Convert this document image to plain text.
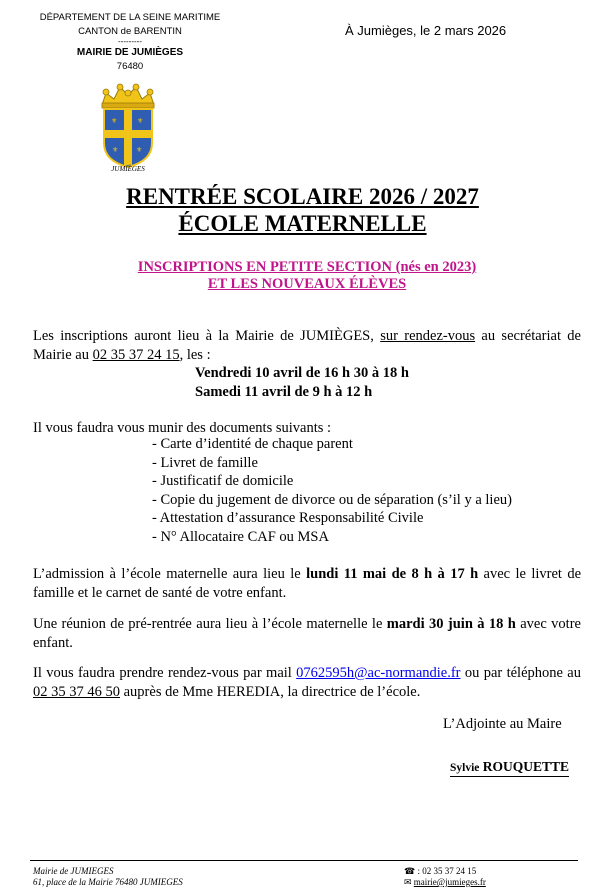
DÉPARTEMENT DE LA SEINE MARITIME
CANTON de BARENTIN
---------
MAIRIE DE JUMIÈGES
76480
⚜	⚜
⚜	⚜
JUMIÈGES
À Jumièges, le 2 mars 2026
RENTRÉE SCOLAIRE 2026 / 2027
ÉCOLE MATERNELLE
INSCRIPTIONS EN PETITE SECTION (nés en 2023)
ET LES NOUVEAUX ÉLÈVES
Les inscriptions auront lieu à la Mairie de JUMIÈGES, sur rendez-vous au secrétariat de Mairie au 02 35 37 24 15, les :
Vendredi 10 avril de 16 h 30 à 18 h
Samedi 11 avril de 9 h à 12 h
Il vous faudra vous munir des documents suivants :
- Carte d’identité de chaque parent
- Livret de famille
- Justificatif de domicile
- Copie du jugement de divorce ou de séparation (s’il y a lieu)
- Attestation d’assurance Responsabilité Civile
- N° Allocataire CAF ou MSA
L’admission à l’école maternelle aura lieu le lundi 11 mai de 8 h à 17 h avec le livret de famille et le carnet de santé de votre enfant.
Une réunion de pré-rentrée aura lieu à l’école maternelle le mardi 30 juin à 18 h avec votre enfant.
Il vous faudra prendre rendez-vous par mail 0762595h@ac-normandie.fr ou par téléphone au 02 35 37 46 50 auprès de Mme HEREDIA, la directrice de l’école.
L’Adjointe au Maire
Sylvie ROUQUETTE
Mairie de JUMIEGES
61, place de la Mairie 76480 JUMIEGES
☎ : 02 35 37 24 15
✉ mairie@jumieges.fr
